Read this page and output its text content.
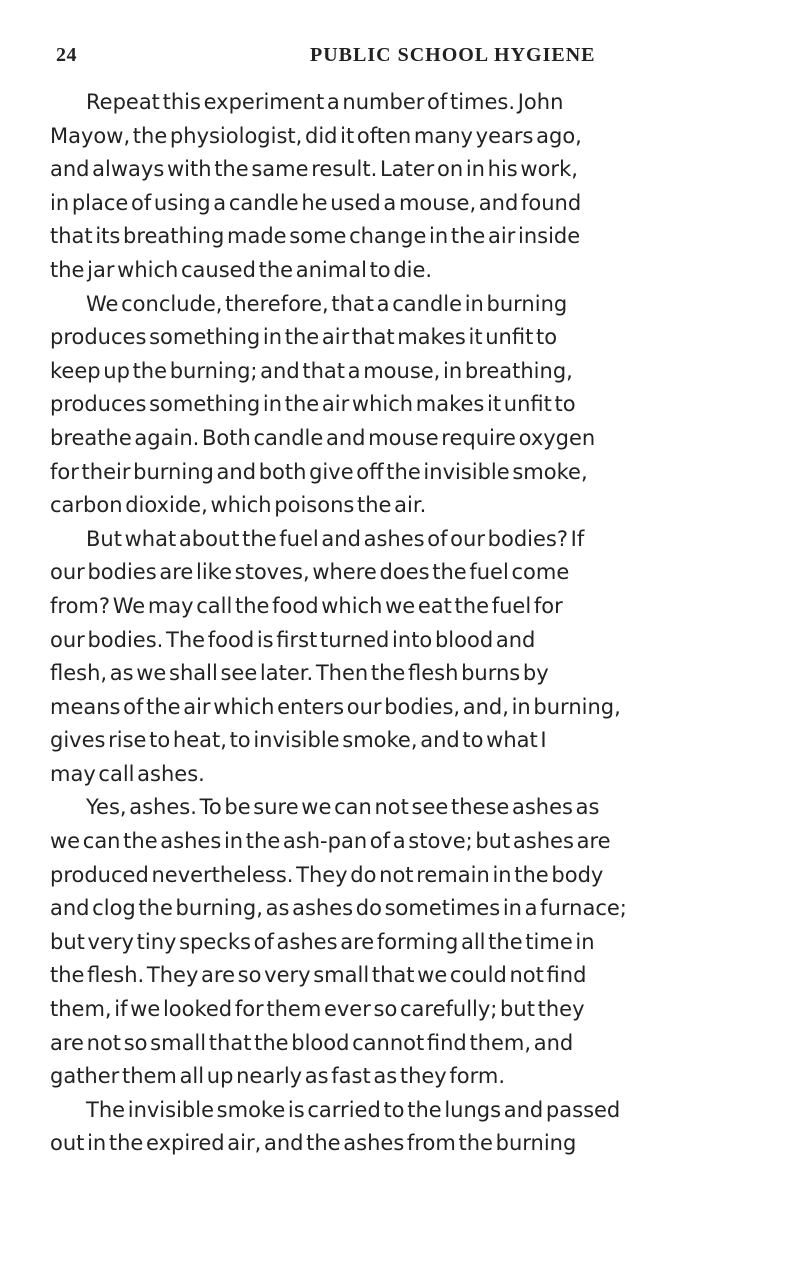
24	PUBLIC SCHOOL HYGIENE
Repeat this experiment a number of times. John
Mayow, the physiologist, did it often many years ago,
and always with the same result. Later on in his work,
in place of using a candle he used a mouse, and found
that its breathing made some change in the air inside
the jar which caused the animal to die.
We conclude, therefore, that a candle in burning
produces something in the air that makes it unfit to
keep up the burning; and that a mouse, in breathing,
produces something in the air which makes it unfit to
breathe again. Both candle and mouse require oxygen
for their burning and both give off the invisible smoke,
carbon dioxide, which poisons the air.
But what about the fuel and ashes of our bodies? If
our bodies are like stoves, where does the fuel come
from? We may call the food which we eat the fuel for
our bodies. The food is first turned into blood and
flesh, as we shall see later. Then the flesh burns by
means of the air which enters our bodies, and, in burning,
gives rise to heat, to invisible smoke, and to what I
may call ashes.
Yes, ashes. To be sure we can not see these ashes as
we can the ashes in the ash-pan of a stove; but ashes are
produced nevertheless. They do not remain in the body
and clog the burning, as ashes do sometimes in a furnace;
but very tiny specks of ashes are forming all the time in
the flesh. They are so very small that we could not find
them, if we looked for them ever so carefully; but they
are not so small that the blood cannot find them, and
gather them all up nearly as fast as they form.
The invisible smoke is carried to the lungs and passed
out in the expired air, and the ashes from the burning
